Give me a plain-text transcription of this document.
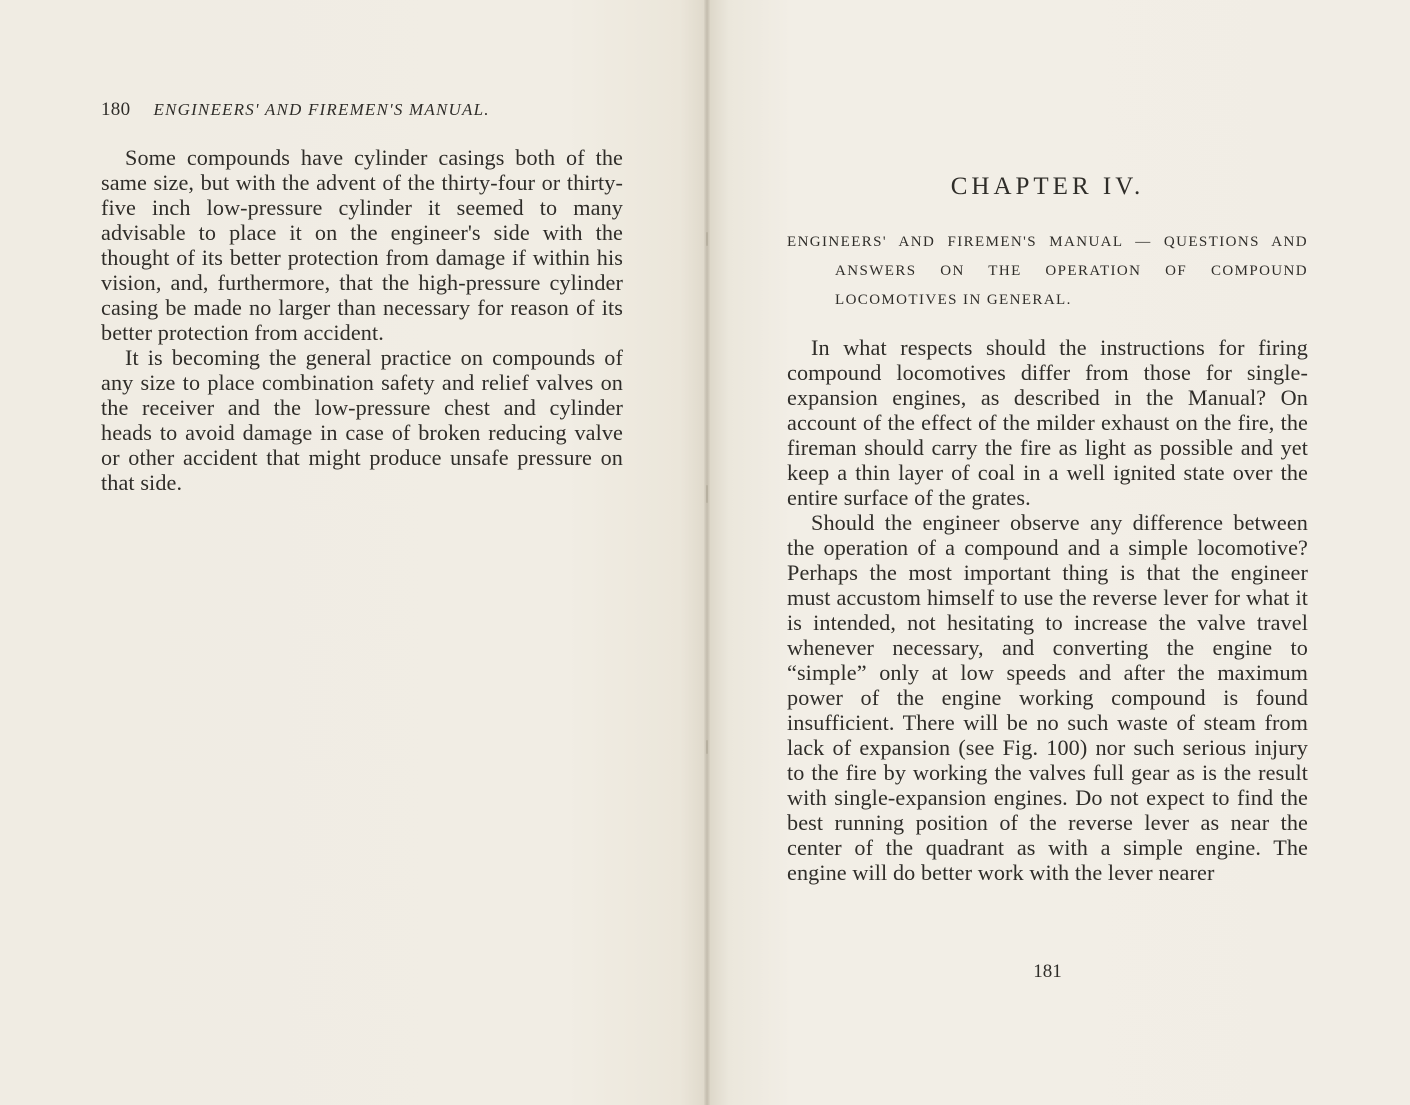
180 ENGINEERS' AND FIREMEN'S MANUAL.

Some compounds have cylinder casings both of the same size, but with the advent of the thirty-four or thirty-five inch low-pressure cylinder it seemed to many advisable to place it on the engineer's side with the thought of its better protection from damage if within his vision, and, furthermore, that the high-pressure cylinder casing be made no larger than necessary for reason of its better protection from accident.

It is becoming the general practice on compounds of any size to place combination safety and relief valves on the receiver and the low-pressure chest and cylinder heads to avoid damage in case of broken reducing valve or other accident that might produce unsafe pressure on that side.

CHAPTER IV.
ENGINEERS' AND FIREMEN'S MANUAL — QUESTIONS AND ANSWERS ON THE OPERATION OF COMPOUND LOCOMOTIVES IN GENERAL.

In what respects should the instructions for firing compound locomotives differ from those for single-expansion engines, as described in the Manual? On account of the effect of the milder exhaust on the fire, the fireman should carry the fire as light as possible and yet keep a thin layer of coal in a well ignited state over the entire surface of the grates.

Should the engineer observe any difference between the operation of a compound and a simple locomotive? Perhaps the most important thing is that the engineer must accustom himself to use the reverse lever for what it is intended, not hesitating to increase the valve travel whenever necessary, and converting the engine to “simple” only at low speeds and after the maximum power of the engine working compound is found insufficient. There will be no such waste of steam from lack of expansion (see Fig. 100) nor such serious injury to the fire by working the valves full gear as is the result with single-expansion engines. Do not expect to find the best running position of the reverse lever as near the center of the quadrant as with a simple engine. The engine will do better work with the lever nearer

181
